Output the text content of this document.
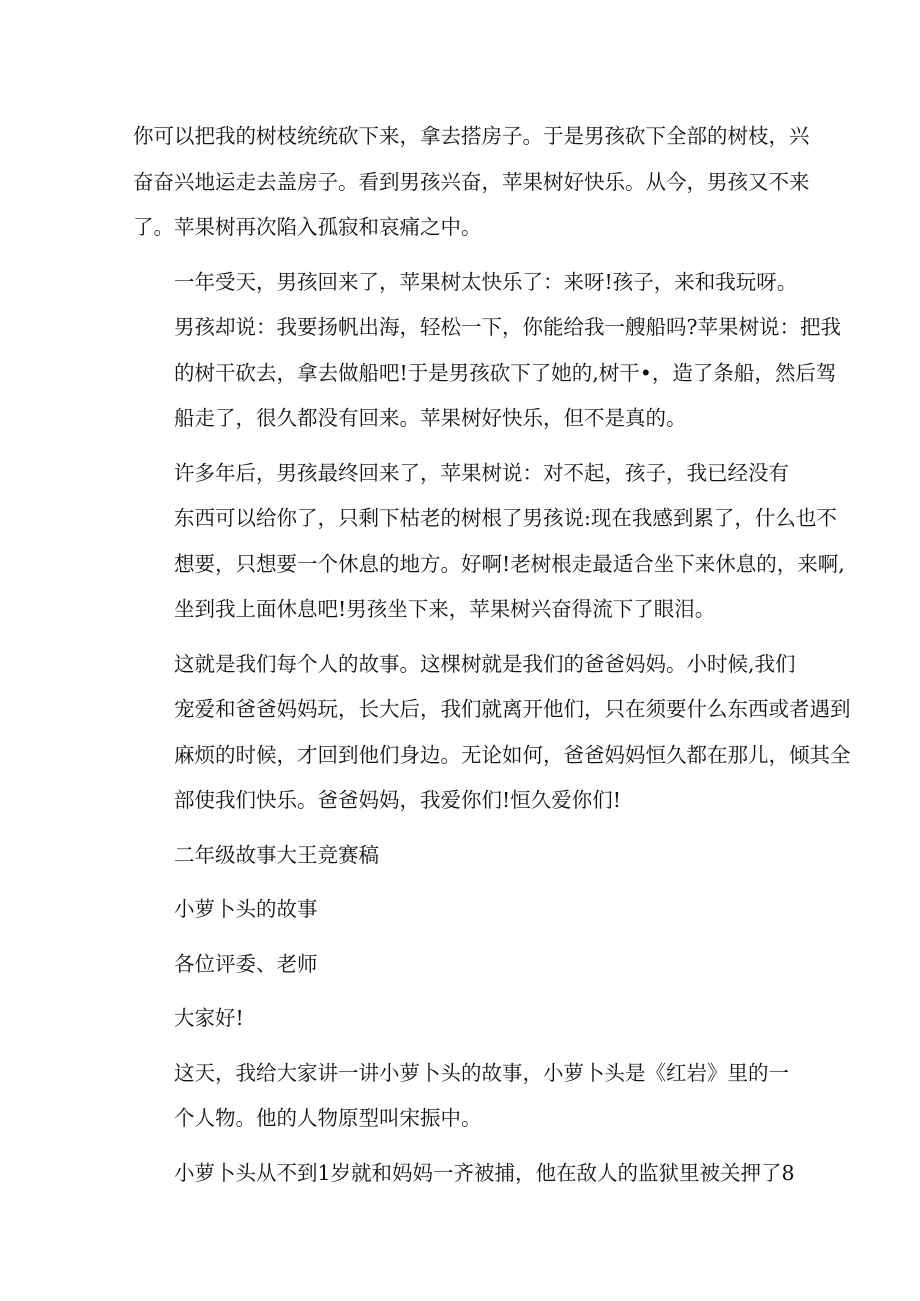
你可以把我的树枝统统砍下来，拿去搭房子。于是男孩砍下全部的树枝，兴
奋奋兴地运走去盖房子。看到男孩兴奋，苹果树好快乐。从今，男孩又不来
了。苹果树再次陷入孤寂和哀痛之中。

一年受天，男孩回来了，苹果树太快乐了：来呀!孩子，来和我玩呀。
男孩却说：我要扬帆出海，轻松一下，你能给我一艘船吗?苹果树说：把我
的树干砍去，拿去做船吧!于是男孩砍下了她的,树干•，造了条船，然后驾
船走了，很久都没有回来。苹果树好快乐，但不是真的。

许多年后，男孩最终回来了，苹果树说：对不起，孩子，我已经没有
东西可以给你了，只剩下枯老的树根了男孩说:现在我感到累了，什么也不
想要，只想要一个休息的地方。好啊!老树根走最适合坐下来休息的，来啊,
坐到我上面休息吧!男孩坐下来，苹果树兴奋得流下了眼泪。

这就是我们每个人的故事。这棵树就是我们的爸爸妈妈。小时候,我们
宠爱和爸爸妈妈玩，长大后，我们就离开他们，只在须要什么东西或者遇到
麻烦的时候，才回到他们身边。无论如何，爸爸妈妈恒久都在那儿，倾其全
部使我们快乐。爸爸妈妈，我爱你们!恒久爱你们!

二年级故事大王竞赛稿

小萝卜头的故事

各位评委、老师

大家好!

这天，我给大家讲一讲小萝卜头的故事，小萝卜头是《红岩》里的一
个人物。他的人物原型叫宋振中。

小萝卜头从不到1岁就和妈妈一齐被捕，他在敌人的监狱里被关押了8
